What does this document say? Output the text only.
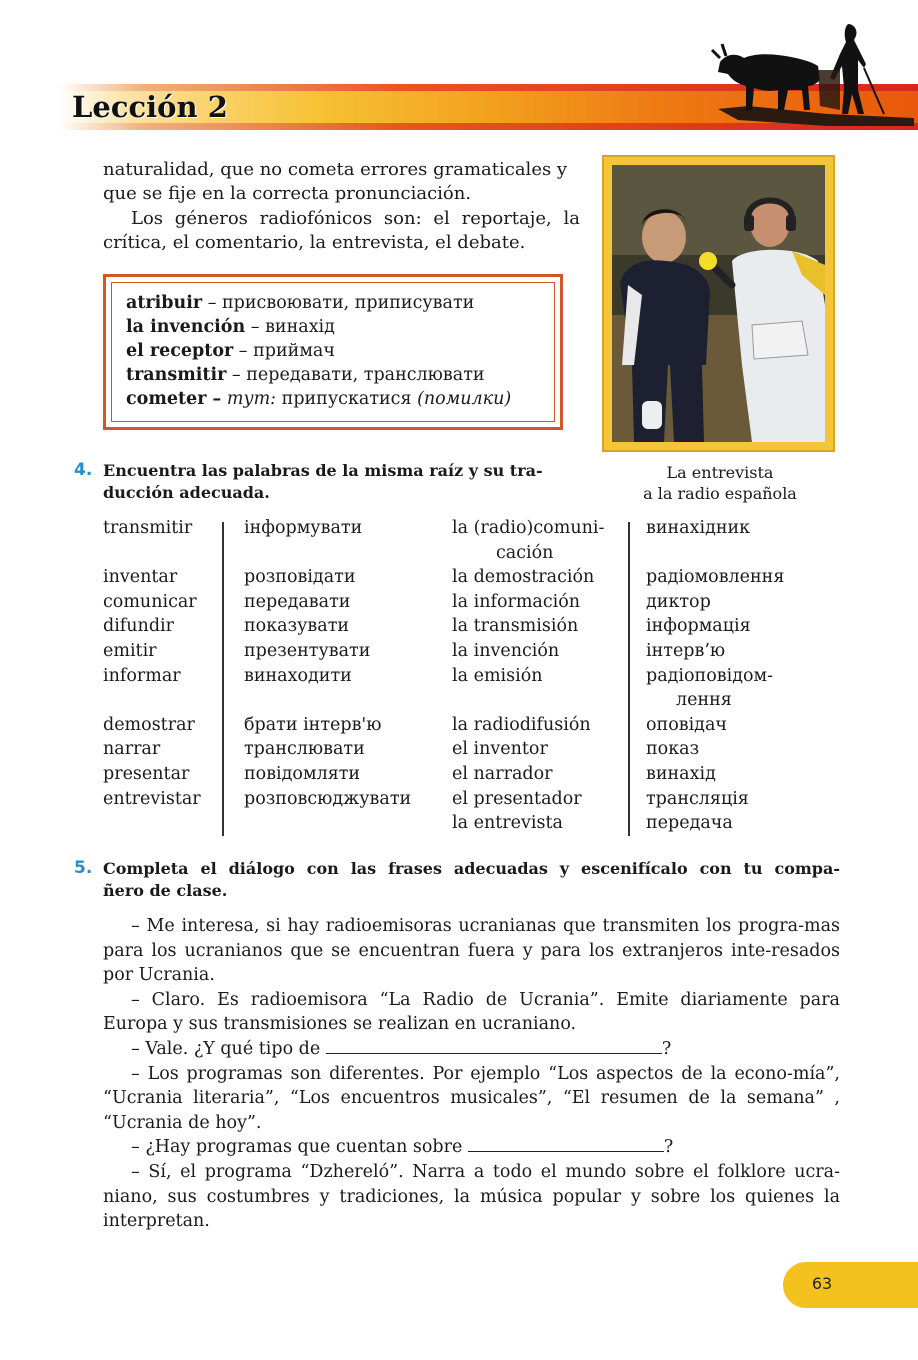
Lección 2
naturalidad, que no cometa errores gramaticales y
que se fije en la correcta pronunciación.
Los géneros radiofónicos son: el reportaje, la
crítica, el comentario, la entrevista, el debate.
atribuir – присвоювати, приписувати
la invención – винахід
el receptor – приймач
transmitir – передавати, транслювати
cometer – тут: припускатися (помилки)
La entrevista
a la radio española
4. Encuentra las palabras de la misma raíz y su tra-
ducción adecuada.
transmitir

inventar
comunicar
difundir
emitir
informar

demostrar
narrar
presentar
entrevistar
інформувати

розповідати
передавати
показувати
презентувати
винаходити

брати інтерв'ю
транслювати
повідомляти
розповсюджувати
la (radio)comuni-
cación
la demostración
la información
la transmisión
la invención
la emisión

la radiodifusión
el inventor
el narrador
el presentador
la entrevista
винахідник

радіомовлення
диктор
інформація
інтерв’ю
радіоповідом-
лення
оповідач
показ
винахід
трансляція
передача
5. Completa el diálogo con las frases adecuadas y escenifícalo con tu compa-
ñero de clase.

– Me interesa, si hay radioemisoras ucranianas que transmiten los progra-mas para los ucranianos que se encuentran fuera y para los extranjeros inte-resados por Ucrania.

– Claro. Es radioemisora “La Radio de Ucrania”. Emite diariamente para Europa y sus transmisiones se realizan en ucraniano.

– Vale. ¿Y qué tipo de	?

– Los programas son diferentes. Por ejemplo “Los aspectos de la econo-mía”, “Ucrania literaria”, “Los encuentros musicales”, “El resumen de la semana” , “Ucrania de hoy”.

– ¿Hay programas que cuentan sobre	?

– Sí, el programa “Dzhereló”. Narra a todo el mundo sobre el folklore ucra-niano, sus costumbres y tradiciones, la música popular y sobre los quienes la interpretan.

63
